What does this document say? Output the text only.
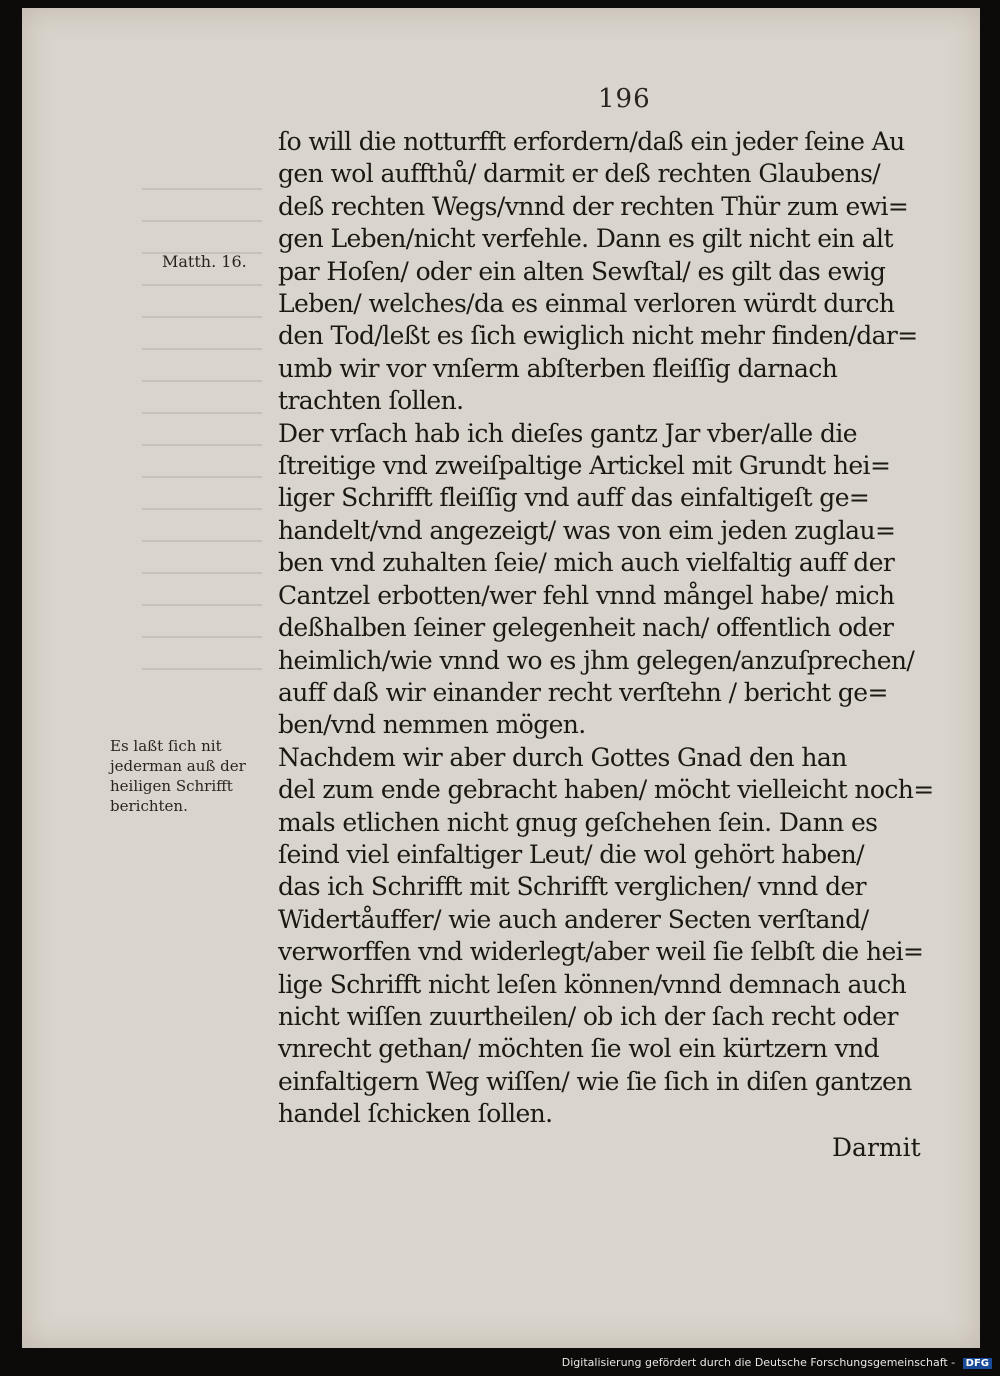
196
ſo will die notturfft erfordern/daß ein jeder ſeine Au
gen wol auffthů/ darmit er deß rechten Glaubens/
deß rechten Wegs/vnnd der rechten Thür zum ewi=
gen Leben/nicht verfehle. Dann es gilt nicht ein alt
par Hoſen/ oder ein alten Sewſtal/ es gilt das ewig
Leben/ welches/da es einmal verloren würdt durch
den Tod/leßt es ſich ewiglich nicht mehr finden/dar=
umb wir vor vnſerm abſterben fleiſſig darnach
trachten ſollen.
Der vrſach hab ich dieſes gantz Jar vber/alle die
ſtreitige vnd zweiſpaltige Artickel mit Grundt hei=
liger Schrifft fleiſſig vnd auff das einfaltigeſt ge=
handelt/vnd angezeigt/ was von eim jeden zuglau=
ben vnd zuhalten ſeie/ mich auch vielfaltig auff der
Cantzel erbotten/wer fehl vnnd mångel habe/ mich
deßhalben ſeiner gelegenheit nach/ offentlich oder
heimlich/wie vnnd wo es jhm gelegen/anzuſprechen/
auff daß wir einander recht verſtehn / bericht ge=
ben/vnd nemmen mögen.
Nachdem wir aber durch Gottes Gnad den han
del zum ende gebracht haben/ möcht vielleicht noch=
mals etlichen nicht gnug geſchehen ſein. Dann es
ſeind viel einfaltiger Leut/ die wol gehört haben/
das ich Schrifft mit Schrifft verglichen/ vnnd der
Widertåuffer/ wie auch anderer Secten verſtand/
verworffen vnd widerlegt/aber weil ſie ſelbſt die hei=
lige Schrifft nicht leſen können/vnnd demnach auch
nicht wiſſen zuurtheilen/ ob ich der ſach recht oder
vnrecht gethan/ möchten ſie wol ein kürtzern vnd
einfaltigern Weg wiſſen/ wie ſie ſich in diſen gantzen
handel ſchicken ſollen.
Darmit
Matth. 16.
Es laßt ſich nit
jederman auß der
heiligen Schrifft
berichten.
Digitalisierung gefördert durch die Deutsche Forschungsgemeinschaft - DFG
